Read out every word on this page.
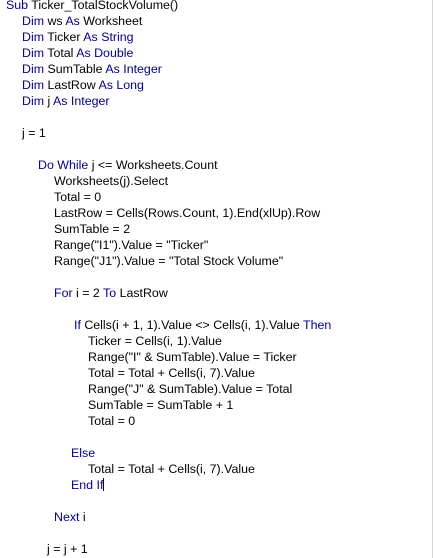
Sub Ticker_TotalStockVolume()
Dim ws As Worksheet
Dim Ticker As String
Dim Total As Double
Dim SumTable As Integer
Dim LastRow As Long
Dim j As Integer
j = 1
Do While j <= Worksheets.Count
Worksheets(j).Select
Total = 0
LastRow = Cells(Rows.Count, 1).End(xlUp).Row
SumTable = 2
Range("I1").Value = "Ticker"
Range("J1").Value = "Total Stock Volume"
For i = 2 To LastRow
If Cells(i + 1, 1).Value <> Cells(i, 1).Value Then
Ticker = Cells(i, 1).Value
Range("I" & SumTable).Value = Ticker
Total = Total + Cells(i, 7).Value
Range("J" & SumTable).Value = Total
SumTable = SumTable + 1
Total = 0
Else
Total = Total + Cells(i, 7).Value
End If
Next i
j = j + 1
